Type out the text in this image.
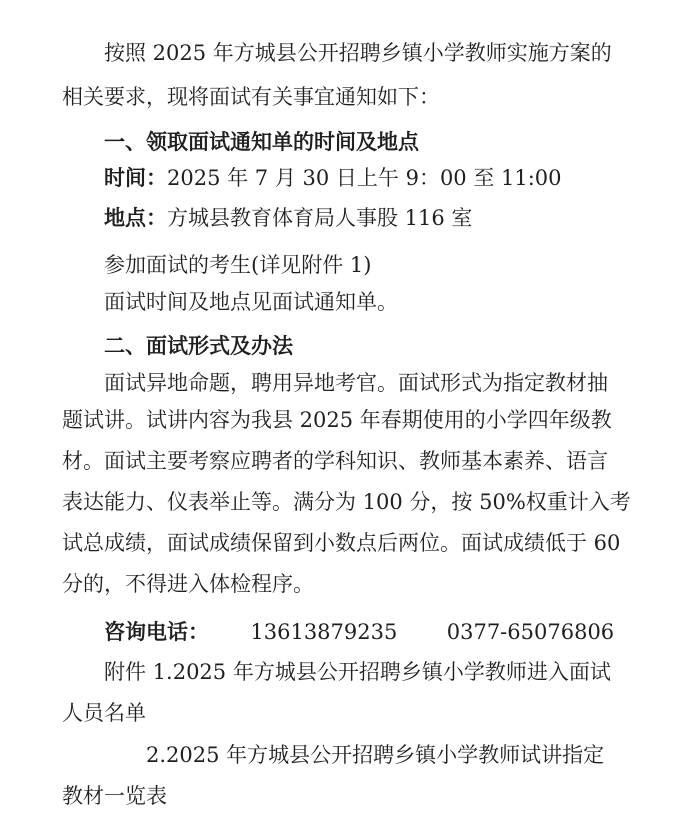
按照 2025 年方城县公开招聘乡镇小学教师实施方案的
相关要求，现将面试有关事宜通知如下：
一、领取面试通知单的时间及地点
时间：2025 年 7 月 30 日上午 9：00 至 11:00
地点：方城县教育体育局人事股 116 室
参加面试的考生(详见附件 1)
面试时间及地点见面试通知单。
二、面试形式及办法
面试异地命题，聘用异地考官。面试形式为指定教材抽
题试讲。试讲内容为我县 2025 年春期使用的小学四年级教
材。面试主要考察应聘者的学科知识、教师基本素养、语言
表达能力、仪表举止等。满分为 100 分，按 50%权重计入考
试总成绩，面试成绩保留到小数点后两位。面试成绩低于 60
分的，不得进入体检程序。
咨询电话： 13613879235 0377-65076806
附件 1.2025 年方城县公开招聘乡镇小学教师进入面试
人员名单
2.2025 年方城县公开招聘乡镇小学教师试讲指定
教材一览表
